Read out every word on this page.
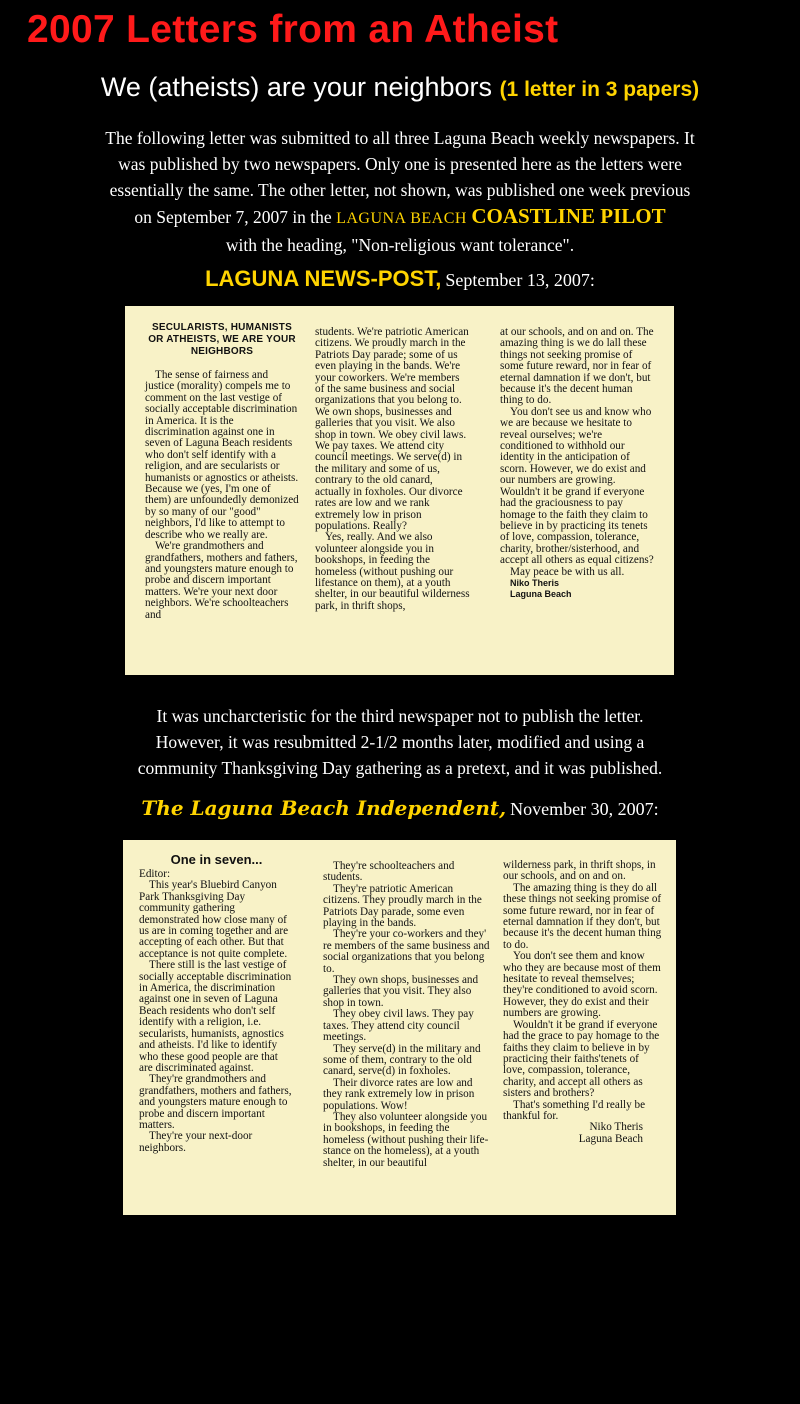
2007 Letters from an Atheist
We (atheists) are your neighbors (1 letter in 3 papers)
The following letter was submitted to all three Laguna Beach weekly newspapers. It
was published by two newspapers. Only one is presented here as the letters were
essentially the same. The other letter, not shown, was published one week previous
on September 7, 2007 in the LAGUNA BEACH COASTLINE PILOT
with the heading, "Non-religious want tolerance".
LAGUNA NEWS-POST, September 13, 2007:
SECULARISTS, HUMANISTS
OR ATHEISTS, WE ARE YOUR
NEIGHBORS

The sense of fairness and justice (morality) compels me to comment on the last vestige of socially acceptable discrimination in America. It is the discrimination against one in seven of Laguna Beach residents who don't self identify with a religion, and are secularists or humanists or agnostics or atheists. Because we (yes, I'm one of them) are unfoundedly demonized by so many of our "good" neighbors, I'd like to attempt to describe who we really are.

We're grandmothers and grandfathers, mothers and fathers, and youngsters mature enough to probe and discern important matters. We're your next door neighbors. We're schoolteachers and

students. We're patriotic American citizens. We proudly march in the Patriots Day parade; some of us even playing in the bands. We're your coworkers. We're members of the same business and social organizations that you belong to. We own shops, businesses and galleries that you visit. We also shop in town. We obey civil laws. We pay taxes. We attend city council meetings. We serve(d) in the military and some of us, contrary to the old canard, actually in foxholes. Our divorce rates are low and we rank extremely low in prison populations. Really?

Yes, really. And we also volunteer alongside you in bookshops, in feeding the homeless (without pushing our lifestance on them), at a youth shelter, in our beautiful wilderness park, in thrift shops,

at our schools, and on and on. The amazing thing is we do lall these things not seeking promise of some future reward, nor in fear of eternal damnation if we don't, but because it's the decent human thing to do.

You don't see us and know who we are because we hesitate to reveal ourselves; we're conditioned to withhold our identity in the anticipation of scorn. However, we do exist and our numbers are growing. Wouldn't it be grand if everyone had the graciousness to pay homage to the faith they claim to believe in by practicing its tenets of love, compassion, tolerance, charity, brother/sisterhood, and accept all others as equal citizens?

May peace be with us all.

Niko Theris
Laguna Beach
It was uncharcteristic for the third newspaper not to publish the letter.
However, it was resubmitted 2-1/2 months later, modified and using a
community Thanksgiving Day gathering as a pretext, and it was published.
The Laguna Beach Independent, November 30, 2007:
One in seven...

Editor:

This year's Bluebird Canyon Park Thanksgiving Day community gathering demonstrated how close many of us are in coming together and are accepting of each other. But that acceptance is not quite complete.

There still is the last vestige of socially acceptable discrimination in America, the discrimination against one in seven of Laguna Beach residents who don't self identify with a religion, i.e. secularists, humanists, agnostics and atheists. I'd like to identify who these good people are that are discriminated against.

They're grandmothers and grandfathers, mothers and fathers, and youngsters mature enough to probe and discern important matters.

They're your next-door neighbors.

They're schoolteachers and students.

They're patriotic American citizens. They proudly march in the Patriots Day parade, some even playing in the bands.

They're your co-workers and they' re members of the same business and social organizations that you belong to.

They own shops, businesses and galleries that you visit. They also shop in town.

They obey civil laws. They pay taxes. They attend city council meetings.

They serve(d) in the military and some of them, contrary to the old canard, serve(d) in foxholes.

Their divorce rates are low and they rank extremely low in prison populations. Wow!

They also volunteer alongside you in bookshops, in feeding the homeless (without pushing their life-stance on the homeless), at a youth shelter, in our beautiful

wilderness park, in thrift shops, in our schools, and on and on.

The amazing thing is they do all these things not seeking promise of some future reward, nor in fear of eternal damnation if they don't, but because it's the decent human thing to do.

You don't see them and know who they are because most of them hesitate to reveal themselves; they're conditioned to avoid scorn. However, they do exist and their numbers are growing.

Wouldn't it be grand if everyone had the grace to pay homage to the faiths they claim to believe in by practicing their faiths'tenets of love, compassion, tolerance, charity, and accept all others as sisters and brothers?

That's something I'd really be thankful for.

Niko Theris
Laguna Beach
